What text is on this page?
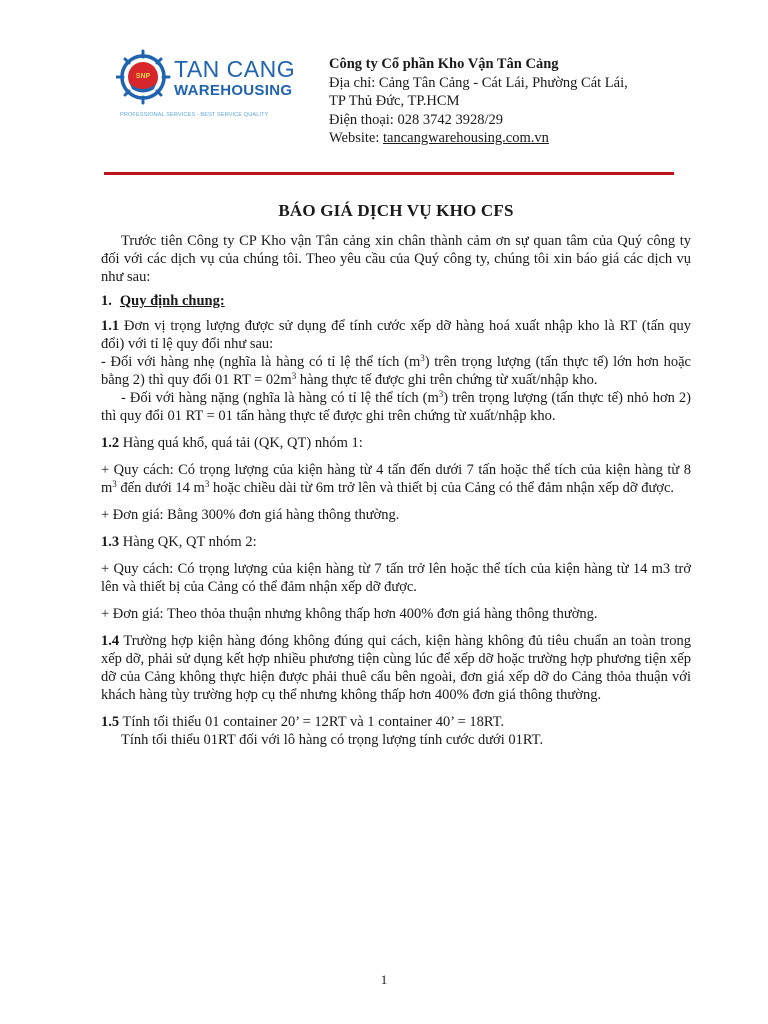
SNP TAN CANG
WAREHOUSING
PROFESSIONAL SERVICES - BEST SERVICE QUALITY
Công ty Cổ phần Kho Vận Tân Cảng
Địa chỉ: Cảng Tân Cảng - Cát Lái, Phường Cát Lái,
TP Thủ Đức, TP.HCM
Điện thoại: 028 3742 3928/29
Website: tancangwarehousing.com.vn
BÁO GIÁ DỊCH VỤ KHO CFS

Trước tiên Công ty CP Kho vận Tân cảng xin chân thành cảm ơn sự quan tâm của Quý công ty đối với các dịch vụ của chúng tôi. Theo yêu cầu của Quý công ty, chúng tôi xin báo giá các dịch vụ như sau:

1. Quy định chung:

1.1 Đơn vị trọng lượng được sử dụng để tính cước xếp dỡ hàng hoá xuất nhập kho là RT (tấn quy đổi) với tỉ lệ quy đổi như sau:

- Đối với hàng nhẹ (nghĩa là hàng có tỉ lệ thể tích $(m^3)$ trên trọng lượng (tấn thực tế) lớn hơn hoặc bằng 2) thì quy đổi 01 RT = $02m^3$ hàng thực tế được ghi trên chứng từ xuất/nhập kho.

- Đối với hàng nặng (nghĩa là hàng có tỉ lệ thể tích $(m^3)$ trên trọng lượng (tấn thực tế) nhỏ hơn 2) thì quy đổi 01 RT = 01 tấn hàng thực tế được ghi trên chứng từ xuất/nhập kho.

1.2 Hàng quá khổ, quá tải (QK, QT) nhóm 1:

+ Quy cách: Có trọng lượng của kiện hàng từ 4 tấn đến dưới 7 tấn hoặc thể tích của kiện hàng từ 8 $m^3$ đến dưới 14 $m^3$ hoặc chiều dài từ 6m trở lên và thiết bị của Cảng có thể đảm nhận xếp dỡ được.

+ Đơn giá: Bằng 300% đơn giá hàng thông thường.

1.3 Hàng QK, QT nhóm 2:

+ Quy cách: Có trọng lượng của kiện hàng từ 7 tấn trở lên hoặc thể tích của kiện hàng từ 14 m3 trở lên và thiết bị của Cảng có thể đảm nhận xếp dỡ được.

+ Đơn giá: Theo thỏa thuận nhưng không thấp hơn 400% đơn giá hàng thông thường.

1.4 Trường hợp kiện hàng đóng không đúng qui cách, kiện hàng không đủ tiêu chuẩn an toàn trong xếp dỡ, phải sử dụng kết hợp nhiều phương tiện cùng lúc để xếp dỡ hoặc trường hợp phương tiện xếp dỡ của Cảng không thực hiện được phải thuê cẩu bên ngoài, đơn giá xếp dỡ do Cảng thỏa thuận với khách hàng tùy trường hợp cụ thể nhưng không thấp hơn 400% đơn giá thông thường.

1.5 Tính tối thiểu 01 container 20’ = 12RT và 1 container 40’ = 18RT.

Tính tối thiểu 01RT đối với lô hàng có trọng lượng tính cước dưới 01RT.

1
